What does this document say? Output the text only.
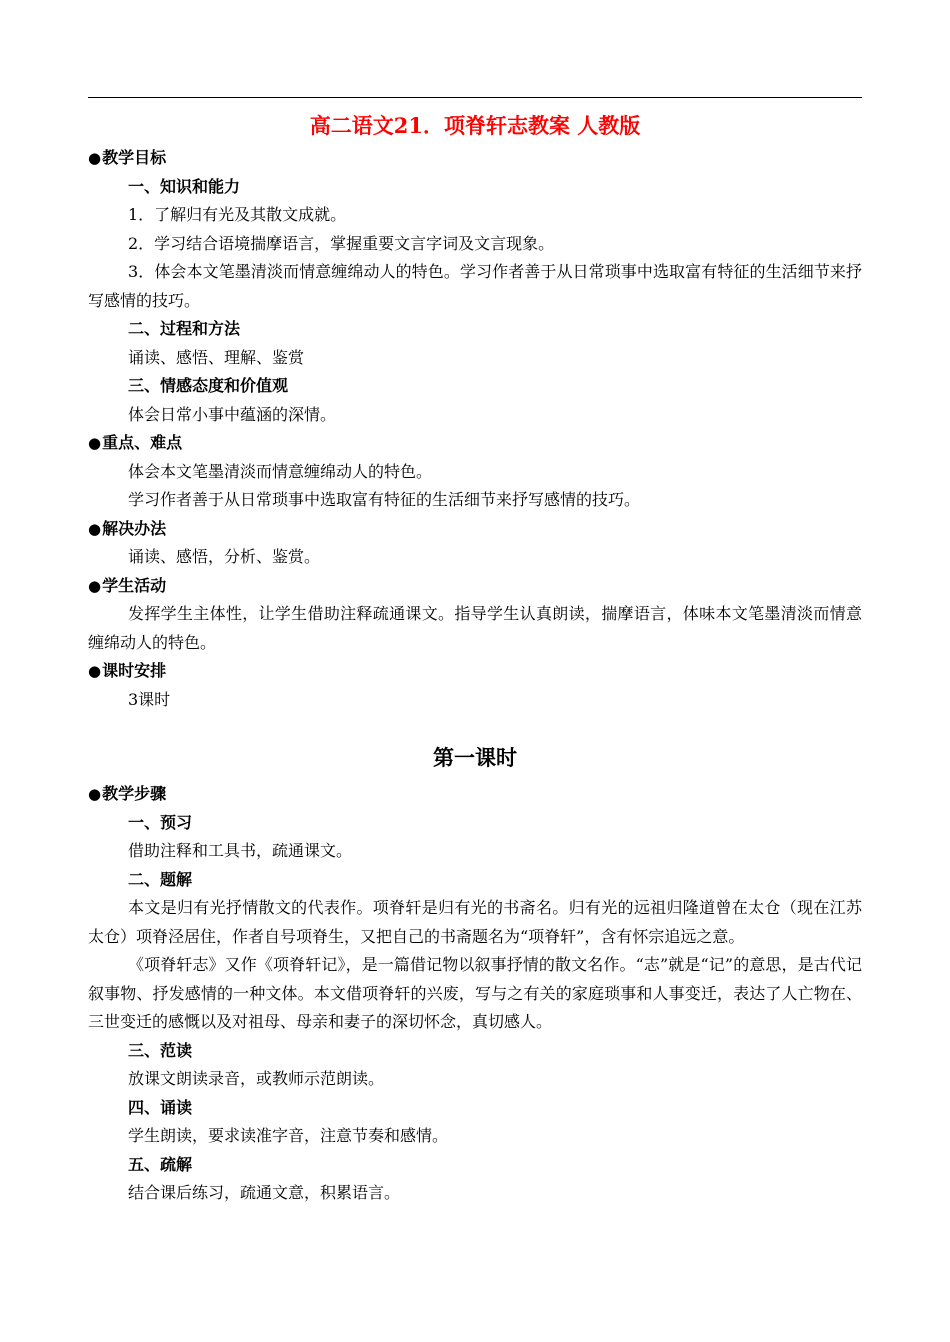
高二语文21．项脊轩志教案 人教版

●教学目标

一、知识和能力

1．了解归有光及其散文成就。

2．学习结合语境揣摩语言，掌握重要文言字词及文言现象。

3．体会本文笔墨清淡而情意缠绵动人的特色。学习作者善于从日常琐事中选取富有特征的生活细节来抒写感情的技巧。

二、过程和方法

诵读、感悟、理解、鉴赏

三、情感态度和价值观

体会日常小事中蕴涵的深情。

●重点、难点

体会本文笔墨清淡而情意缠绵动人的特色。

学习作者善于从日常琐事中选取富有特征的生活细节来抒写感情的技巧。

●解决办法

诵读、感悟，分析、鉴赏。

●学生活动

发挥学生主体性，让学生借助注释疏通课文。指导学生认真朗读，揣摩语言，体味本文笔墨清淡而情意缠绵动人的特色。

●课时安排

3课时

第一课时

●教学步骤

一、预习

借助注释和工具书，疏通课文。

二、题解

本文是归有光抒情散文的代表作。项脊轩是归有光的书斋名。归有光的远祖归隆道曾在太仓（现在江苏太仓）项脊泾居住，作者自号项脊生，又把自己的书斋题名为“项脊轩”，含有怀宗追远之意。

《项脊轩志》又作《项脊轩记》，是一篇借记物以叙事抒情的散文名作。“志”就是“记”的意思，是古代记叙事物、抒发感情的一种文体。本文借项脊轩的兴废，写与之有关的家庭琐事和人事变迁，表达了人亡物在、三世变迁的感慨以及对祖母、母亲和妻子的深切怀念，真切感人。

三、范读

放课文朗读录音，或教师示范朗读。

四、诵读

学生朗读，要求读准字音，注意节奏和感情。

五、疏解

结合课后练习，疏通文意，积累语言。
